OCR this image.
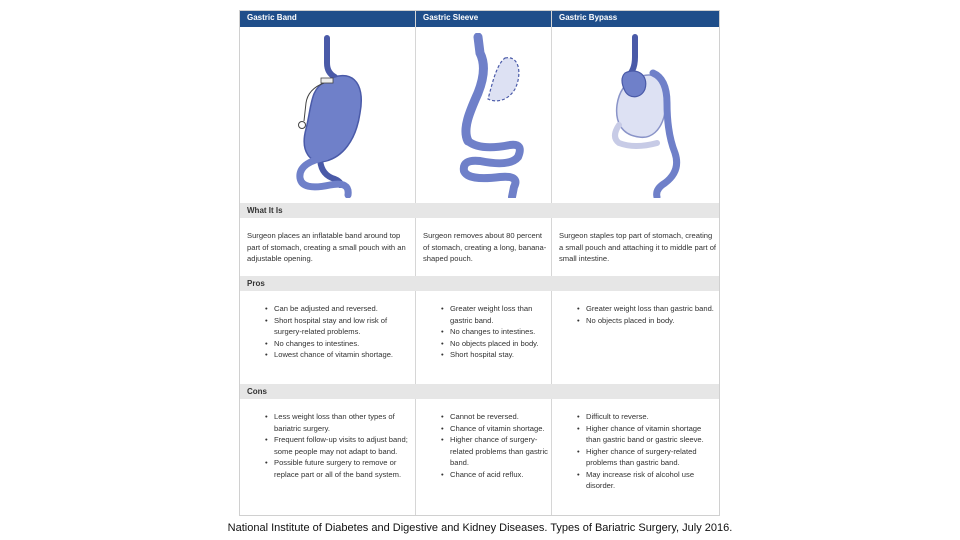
Gastric Band	Gastric Sleeve	Gastric Bypass
What It Is
Surgeon places an inflatable band around top part of stomach, creating a small pouch with an adjustable opening.
Surgeon removes about 80 percent of stomach, creating a long, banana-shaped pouch.
Surgeon staples top part of stomach, creating a small pouch and attaching it to middle part of small intestine.
Pros
• Can be adjusted and reversed.
• Short hospital stay and low risk of surgery-related problems.
• No changes to intestines.
• Lowest chance of vitamin shortage.
• Greater weight loss than gastric band.
• No changes to intestines.
• No objects placed in body.
• Short hospital stay.
• Greater weight loss than gastric band.
• No objects placed in body.
Cons
• Less weight loss than other types of bariatric surgery.
• Frequent follow-up visits to adjust band; some people may not adapt to band.
• Possible future surgery to remove or replace part or all of the band system.
• Cannot be reversed.
• Chance of vitamin shortage.
• Higher chance of surgery-related problems than gastric band.
• Chance of acid reflux.
• Difficult to reverse.
• Higher chance of vitamin shortage than gastric band or gastric sleeve.
• Higher chance of surgery-related problems than gastric band.
• May increase risk of alcohol use disorder.
National Institute of Diabetes and Digestive and Kidney Diseases. Types of Bariatric Surgery, July 2016.
